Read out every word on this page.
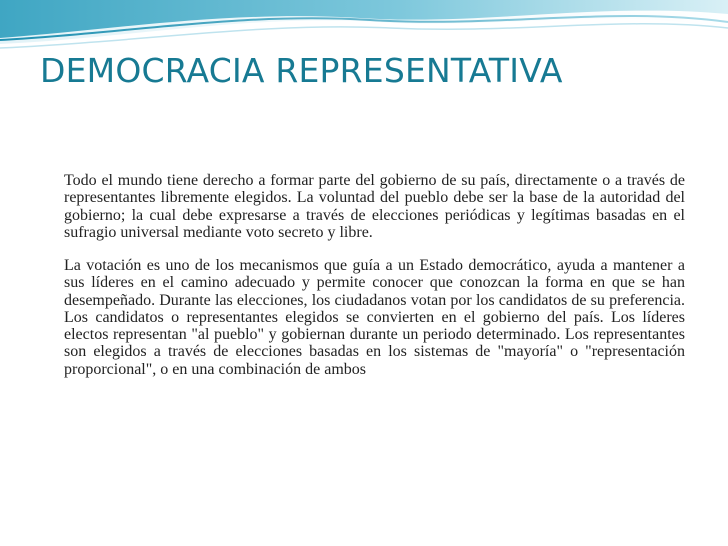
DEMOCRACIA REPRESENTATIVA

Todo el mundo tiene derecho a formar parte del gobierno de su país, directamente o a través de representantes libremente elegidos. La voluntad del pueblo debe ser la base de la autoridad del gobierno; la cual debe expresarse a través de elecciones periódicas y legítimas basadas en el sufragio universal mediante voto secreto y libre.

La votación es uno de los mecanismos que guía a un Estado democrático, ayuda a mantener a sus líderes en el camino adecuado y permite conocer que conozcan la forma en que se han desempeñado. Durante las elecciones, los ciudadanos votan por los candidatos de su preferencia. Los candidatos o representantes elegidos se convierten en el gobierno del país. Los líderes electos representan "al pueblo" y gobiernan durante un periodo determinado. Los representantes son elegidos a través de elecciones basadas en los sistemas de "mayoría" o "representación proporcional", o en una combinación de ambos
